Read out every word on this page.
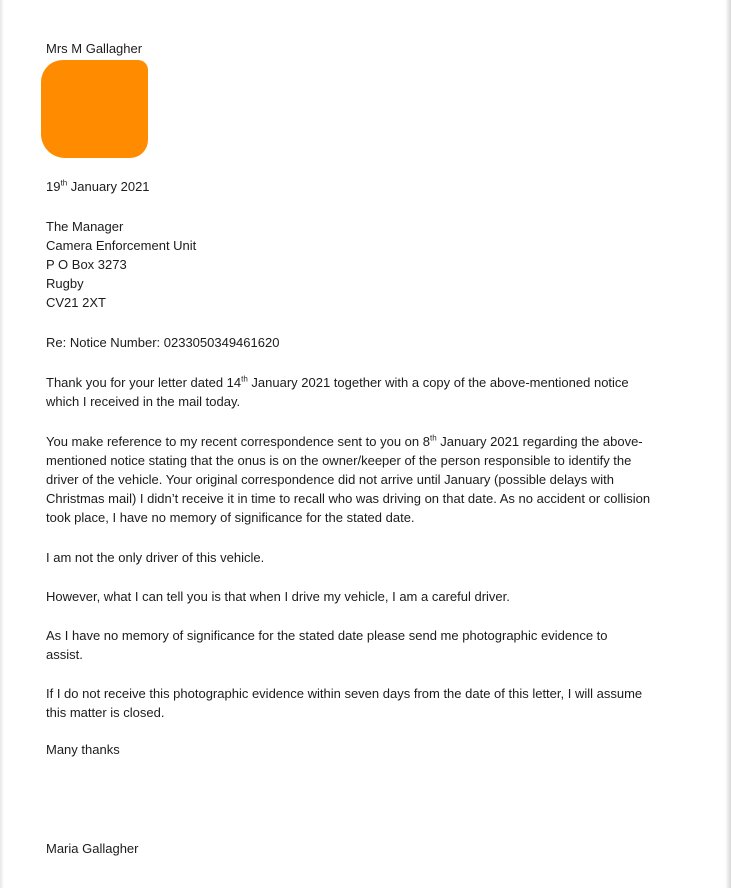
Mrs M Gallagher
19th January 2021
The Manager
Camera Enforcement Unit
P O Box 3273
Rugby
CV21 2XT
Re: Notice Number: 0233050349461620
Thank you for your letter dated 14th January 2021 together with a copy of the above-mentioned notice which I received in the mail today.
You make reference to my recent correspondence sent to you on 8th January 2021 regarding the above-mentioned notice stating that the onus is on the owner/keeper of the person responsible to identify the driver of the vehicle. Your original correspondence did not arrive until January (possible delays with Christmas mail) I didn’t receive it in time to recall who was driving on that date. As no accident or collision took place, I have no memory of significance for the stated date.
I am not the only driver of this vehicle.
However, what I can tell you is that when I drive my vehicle, I am a careful driver.
As I have no memory of significance for the stated date please send me photographic evidence to assist.
If I do not receive this photographic evidence within seven days from the date of this letter, I will assume this matter is closed.
Many thanks
Maria Gallagher
